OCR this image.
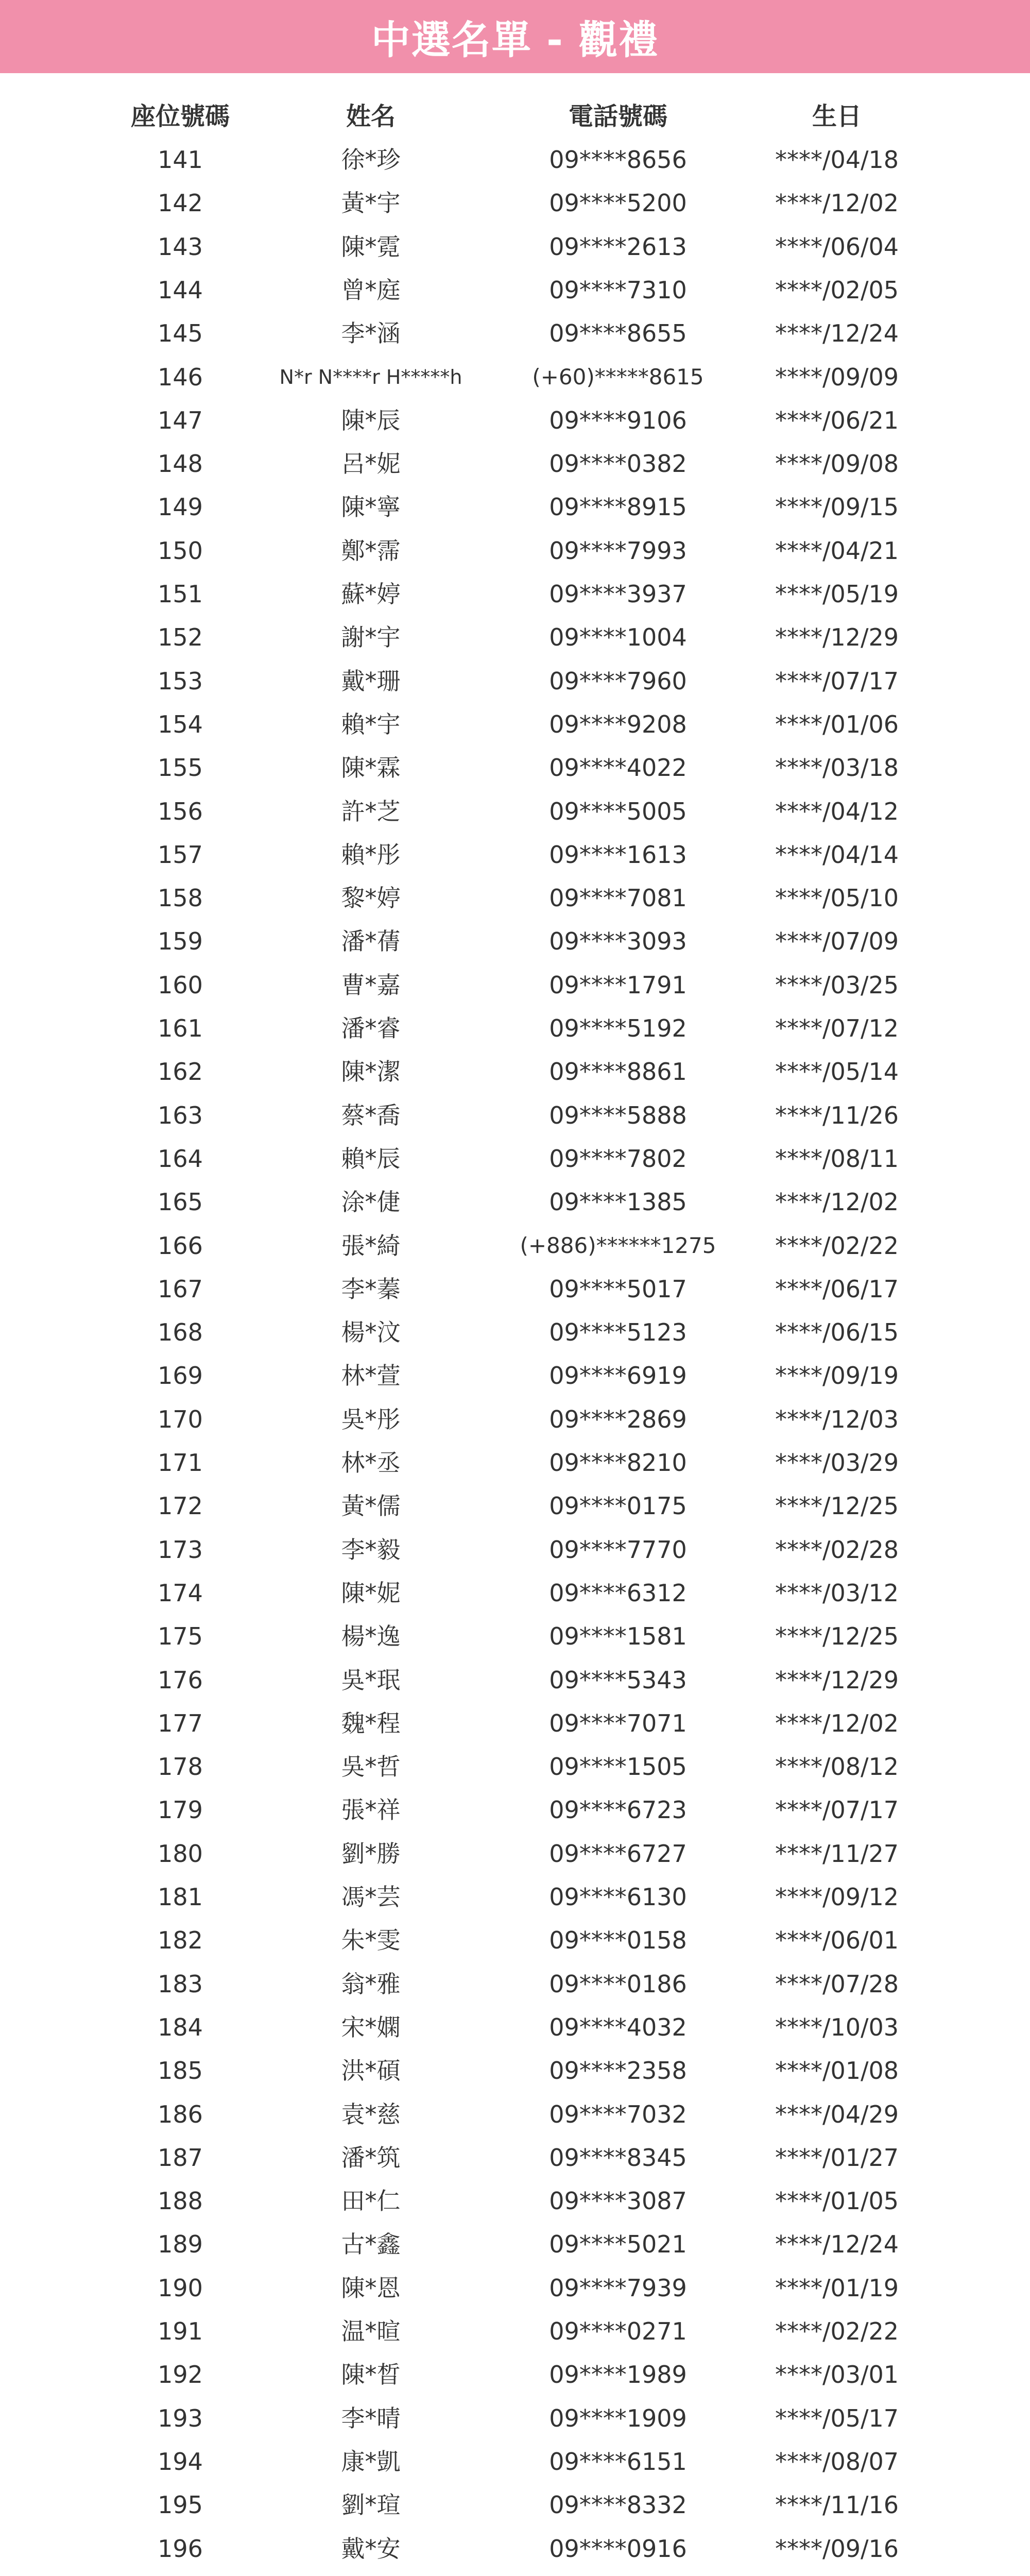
中選名單 - 觀禮
座位號碼	姓名	電話號碼	生日
141	徐*珍	09****8656	****/04/18
142	黃*宇	09****5200	****/12/02
143	陳*霓	09****2613	****/06/04
144	曾*庭	09****7310	****/02/05
145	李*涵	09****8655	****/12/24
146	N*r N****r H*****h	(+60)*****8615	****/09/09
147	陳*辰	09****9106	****/06/21
148	呂*妮	09****0382	****/09/08
149	陳*寧	09****8915	****/09/15
150	鄭*霈	09****7993	****/04/21
151	蘇*婷	09****3937	****/05/19
152	謝*宇	09****1004	****/12/29
153	戴*珊	09****7960	****/07/17
154	賴*宇	09****9208	****/01/06
155	陳*霖	09****4022	****/03/18
156	許*芝	09****5005	****/04/12
157	賴*彤	09****1613	****/04/14
158	黎*婷	09****7081	****/05/10
159	潘*蒨	09****3093	****/07/09
160	曹*嘉	09****1791	****/03/25
161	潘*睿	09****5192	****/07/12
162	陳*潔	09****8861	****/05/14
163	蔡*喬	09****5888	****/11/26
164	賴*辰	09****7802	****/08/11
165	涂*倢	09****1385	****/12/02
166	張*綺	(+886)******1275	****/02/22
167	李*蓁	09****5017	****/06/17
168	楊*汶	09****5123	****/06/15
169	林*萱	09****6919	****/09/19
170	吳*彤	09****2869	****/12/03
171	林*丞	09****8210	****/03/29
172	黃*儒	09****0175	****/12/25
173	李*毅	09****7770	****/02/28
174	陳*妮	09****6312	****/03/12
175	楊*逸	09****1581	****/12/25
176	吳*珉	09****5343	****/12/29
177	魏*程	09****7071	****/12/02
178	吳*哲	09****1505	****/08/12
179	張*祥	09****6723	****/07/17
180	劉*勝	09****6727	****/11/27
181	馮*芸	09****6130	****/09/12
182	朱*雯	09****0158	****/06/01
183	翁*雅	09****0186	****/07/28
184	宋*嫻	09****4032	****/10/03
185	洪*碩	09****2358	****/01/08
186	袁*慈	09****7032	****/04/29
187	潘*筑	09****8345	****/01/27
188	田*仁	09****3087	****/01/05
189	古*鑫	09****5021	****/12/24
190	陳*恩	09****7939	****/01/19
191	温*暄	09****0271	****/02/22
192	陳*晳	09****1989	****/03/01
193	李*晴	09****1909	****/05/17
194	康*凱	09****6151	****/08/07
195	劉*瑄	09****8332	****/11/16
196	戴*安	09****0916	****/09/16
